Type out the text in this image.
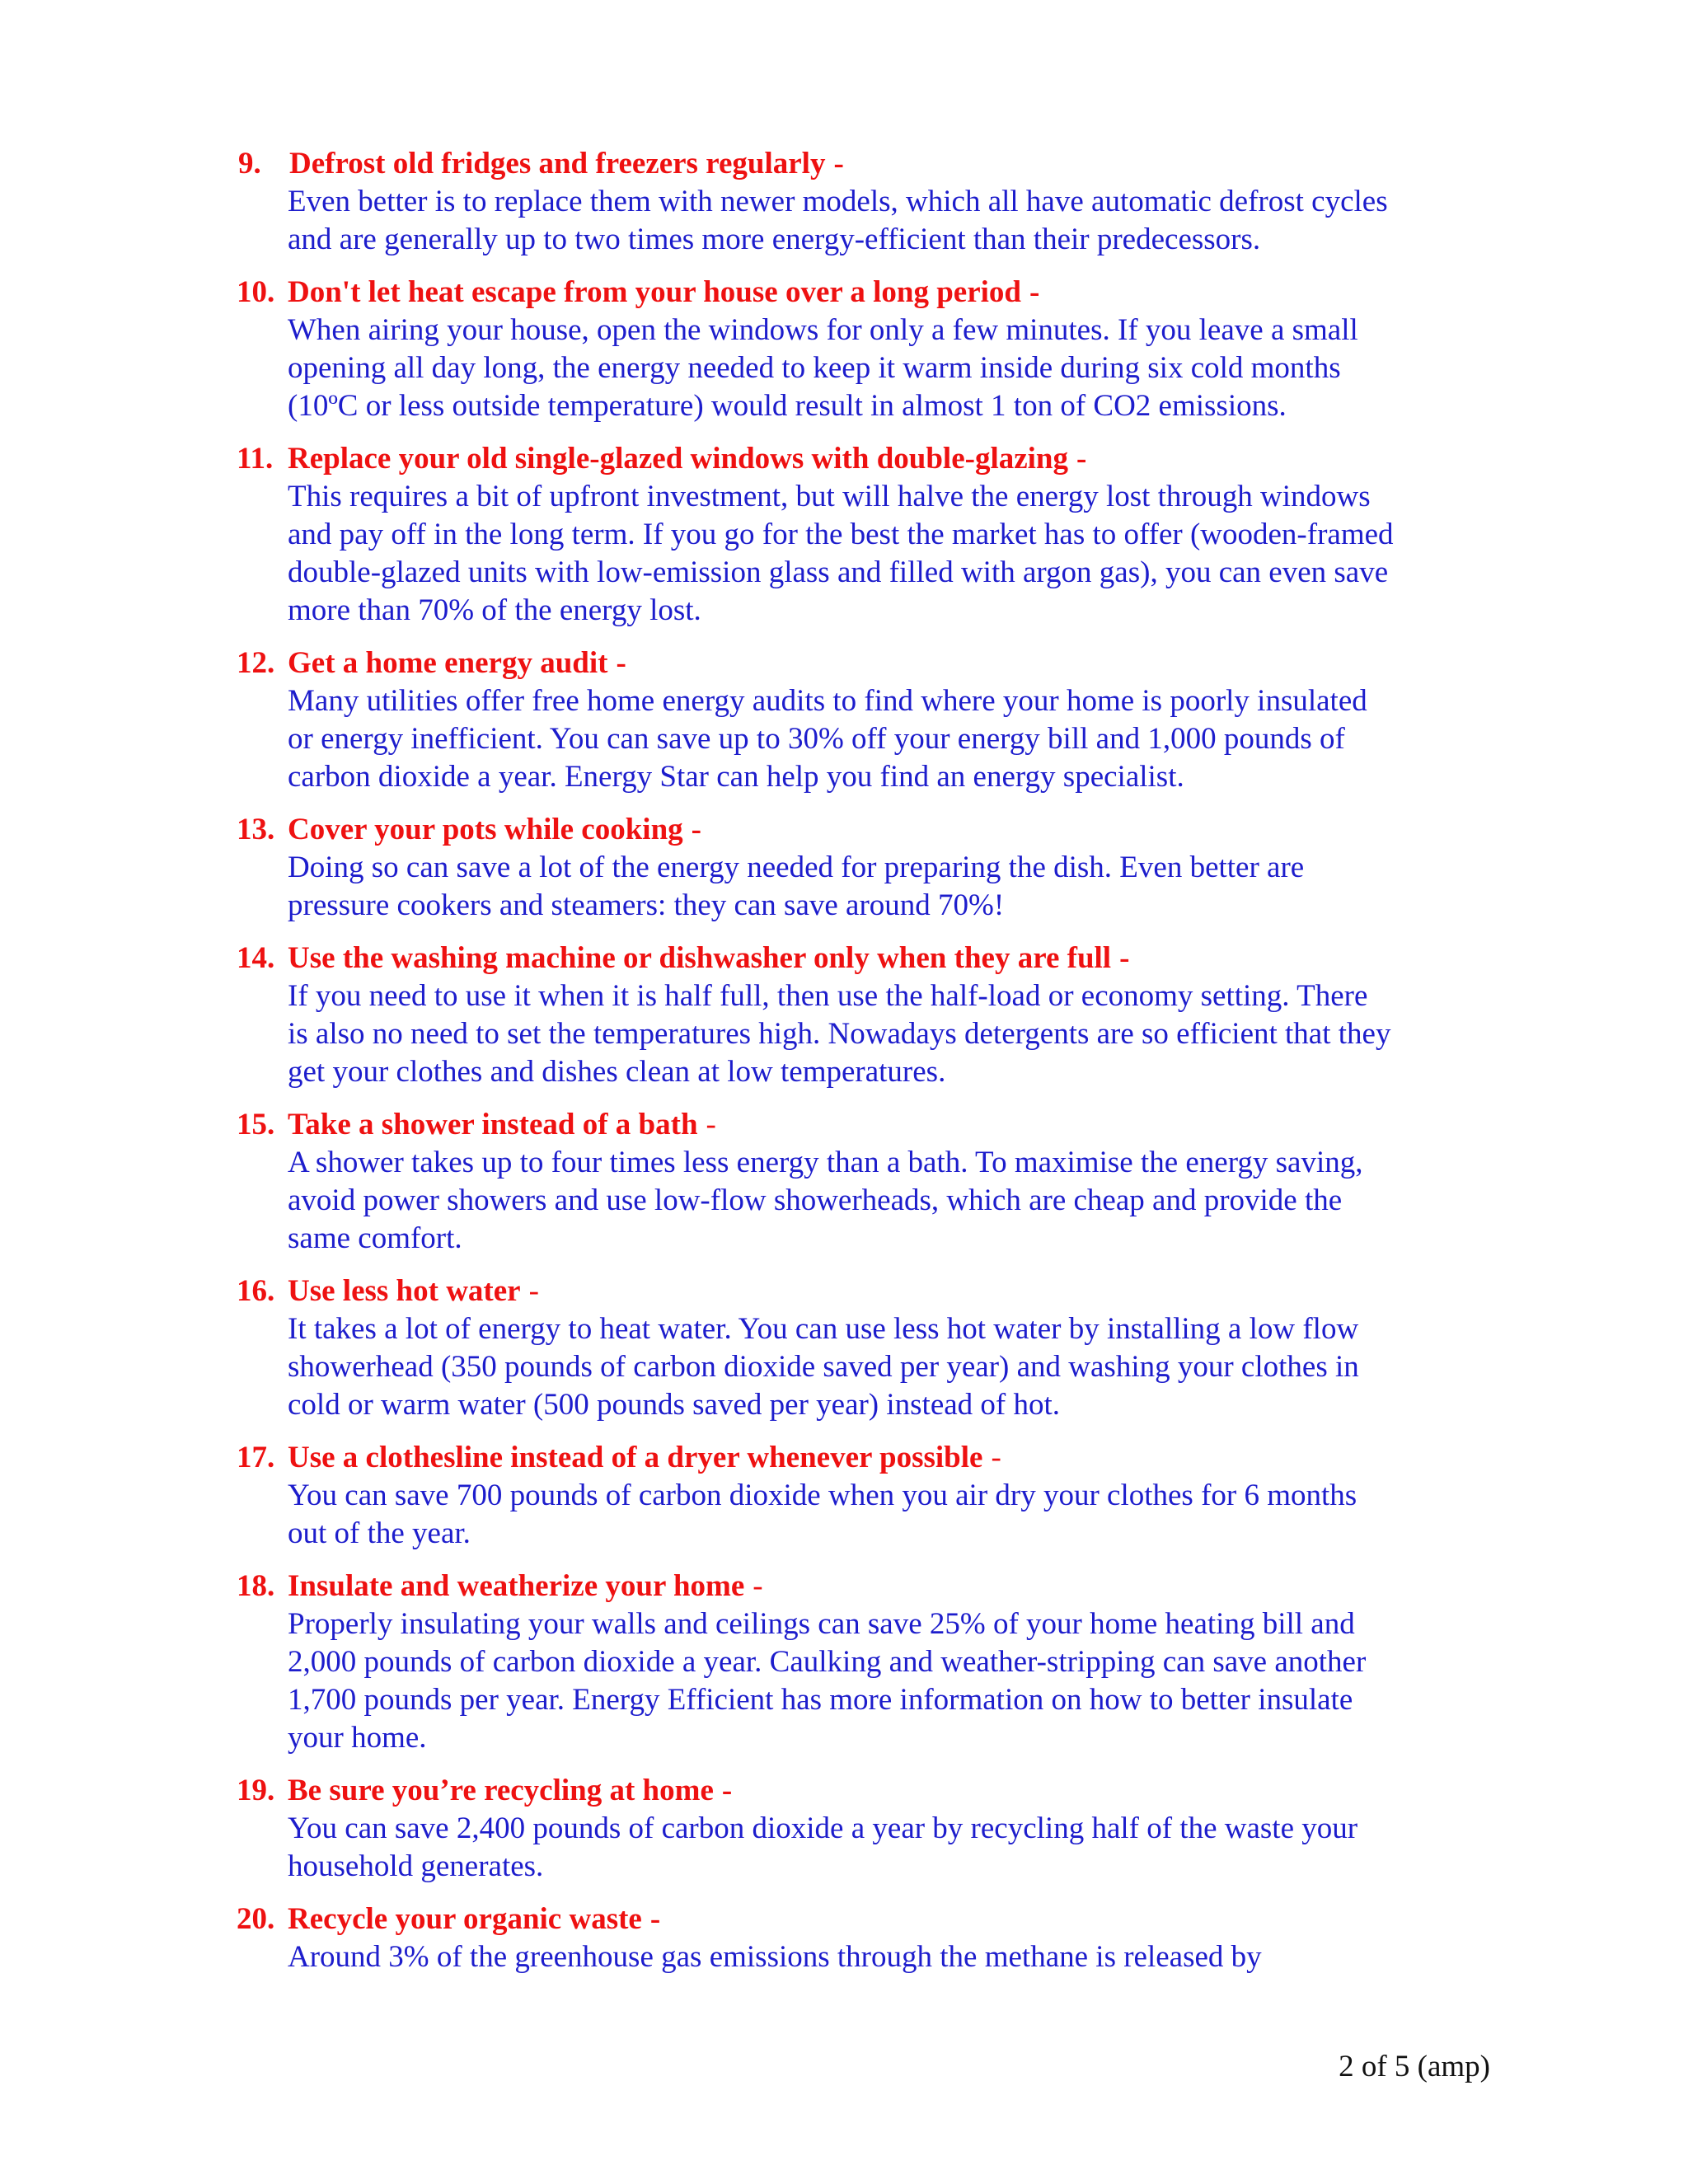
9. Defrost old fridges and freezers regularly -
Even better is to replace them with newer models, which all have automatic defrost cycles
and are generally up to two times more energy-efficient than their predecessors.
10. Don't let heat escape from your house over a long period -
When airing your house, open the windows for only a few minutes. If you leave a small
opening all day long, the energy needed to keep it warm inside during six cold months
(10ºC or less outside temperature) would result in almost 1 ton of CO2 emissions.
11. Replace your old single-glazed windows with double-glazing -
This requires a bit of upfront investment, but will halve the energy lost through windows
and pay off in the long term. If you go for the best the market has to offer (wooden-framed
double-glazed units with low-emission glass and filled with argon gas), you can even save
more than 70% of the energy lost.
12. Get a home energy audit -
Many utilities offer free home energy audits to find where your home is poorly insulated
or energy inefficient. You can save up to 30% off your energy bill and 1,000 pounds of
carbon dioxide a year. Energy Star can help you find an energy specialist.
13. Cover your pots while cooking -
Doing so can save a lot of the energy needed for preparing the dish. Even better are
pressure cookers and steamers: they can save around 70%!
14. Use the washing machine or dishwasher only when they are full -
If you need to use it when it is half full, then use the half-load or economy setting. There
is also no need to set the temperatures high. Nowadays detergents are so efficient that they
get your clothes and dishes clean at low temperatures.
15. Take a shower instead of a bath -
A shower takes up to four times less energy than a bath. To maximise the energy saving,
avoid power showers and use low-flow showerheads, which are cheap and provide the
same comfort.
16. Use less hot water -
It takes a lot of energy to heat water. You can use less hot water by installing a low flow
showerhead (350 pounds of carbon dioxide saved per year) and washing your clothes in
cold or warm water (500 pounds saved per year) instead of hot.
17. Use a clothesline instead of a dryer whenever possible -
You can save 700 pounds of carbon dioxide when you air dry your clothes for 6 months
out of the year.
18. Insulate and weatherize your home -
Properly insulating your walls and ceilings can save 25% of your home heating bill and
2,000 pounds of carbon dioxide a year. Caulking and weather-stripping can save another
1,700 pounds per year. Energy Efficient has more information on how to better insulate
your home.
19. Be sure you’re recycling at home -
You can save 2,400 pounds of carbon dioxide a year by recycling half of the waste your
household generates.
20. Recycle your organic waste -
Around 3% of the greenhouse gas emissions through the methane is released by
2 of 5 (amp)
